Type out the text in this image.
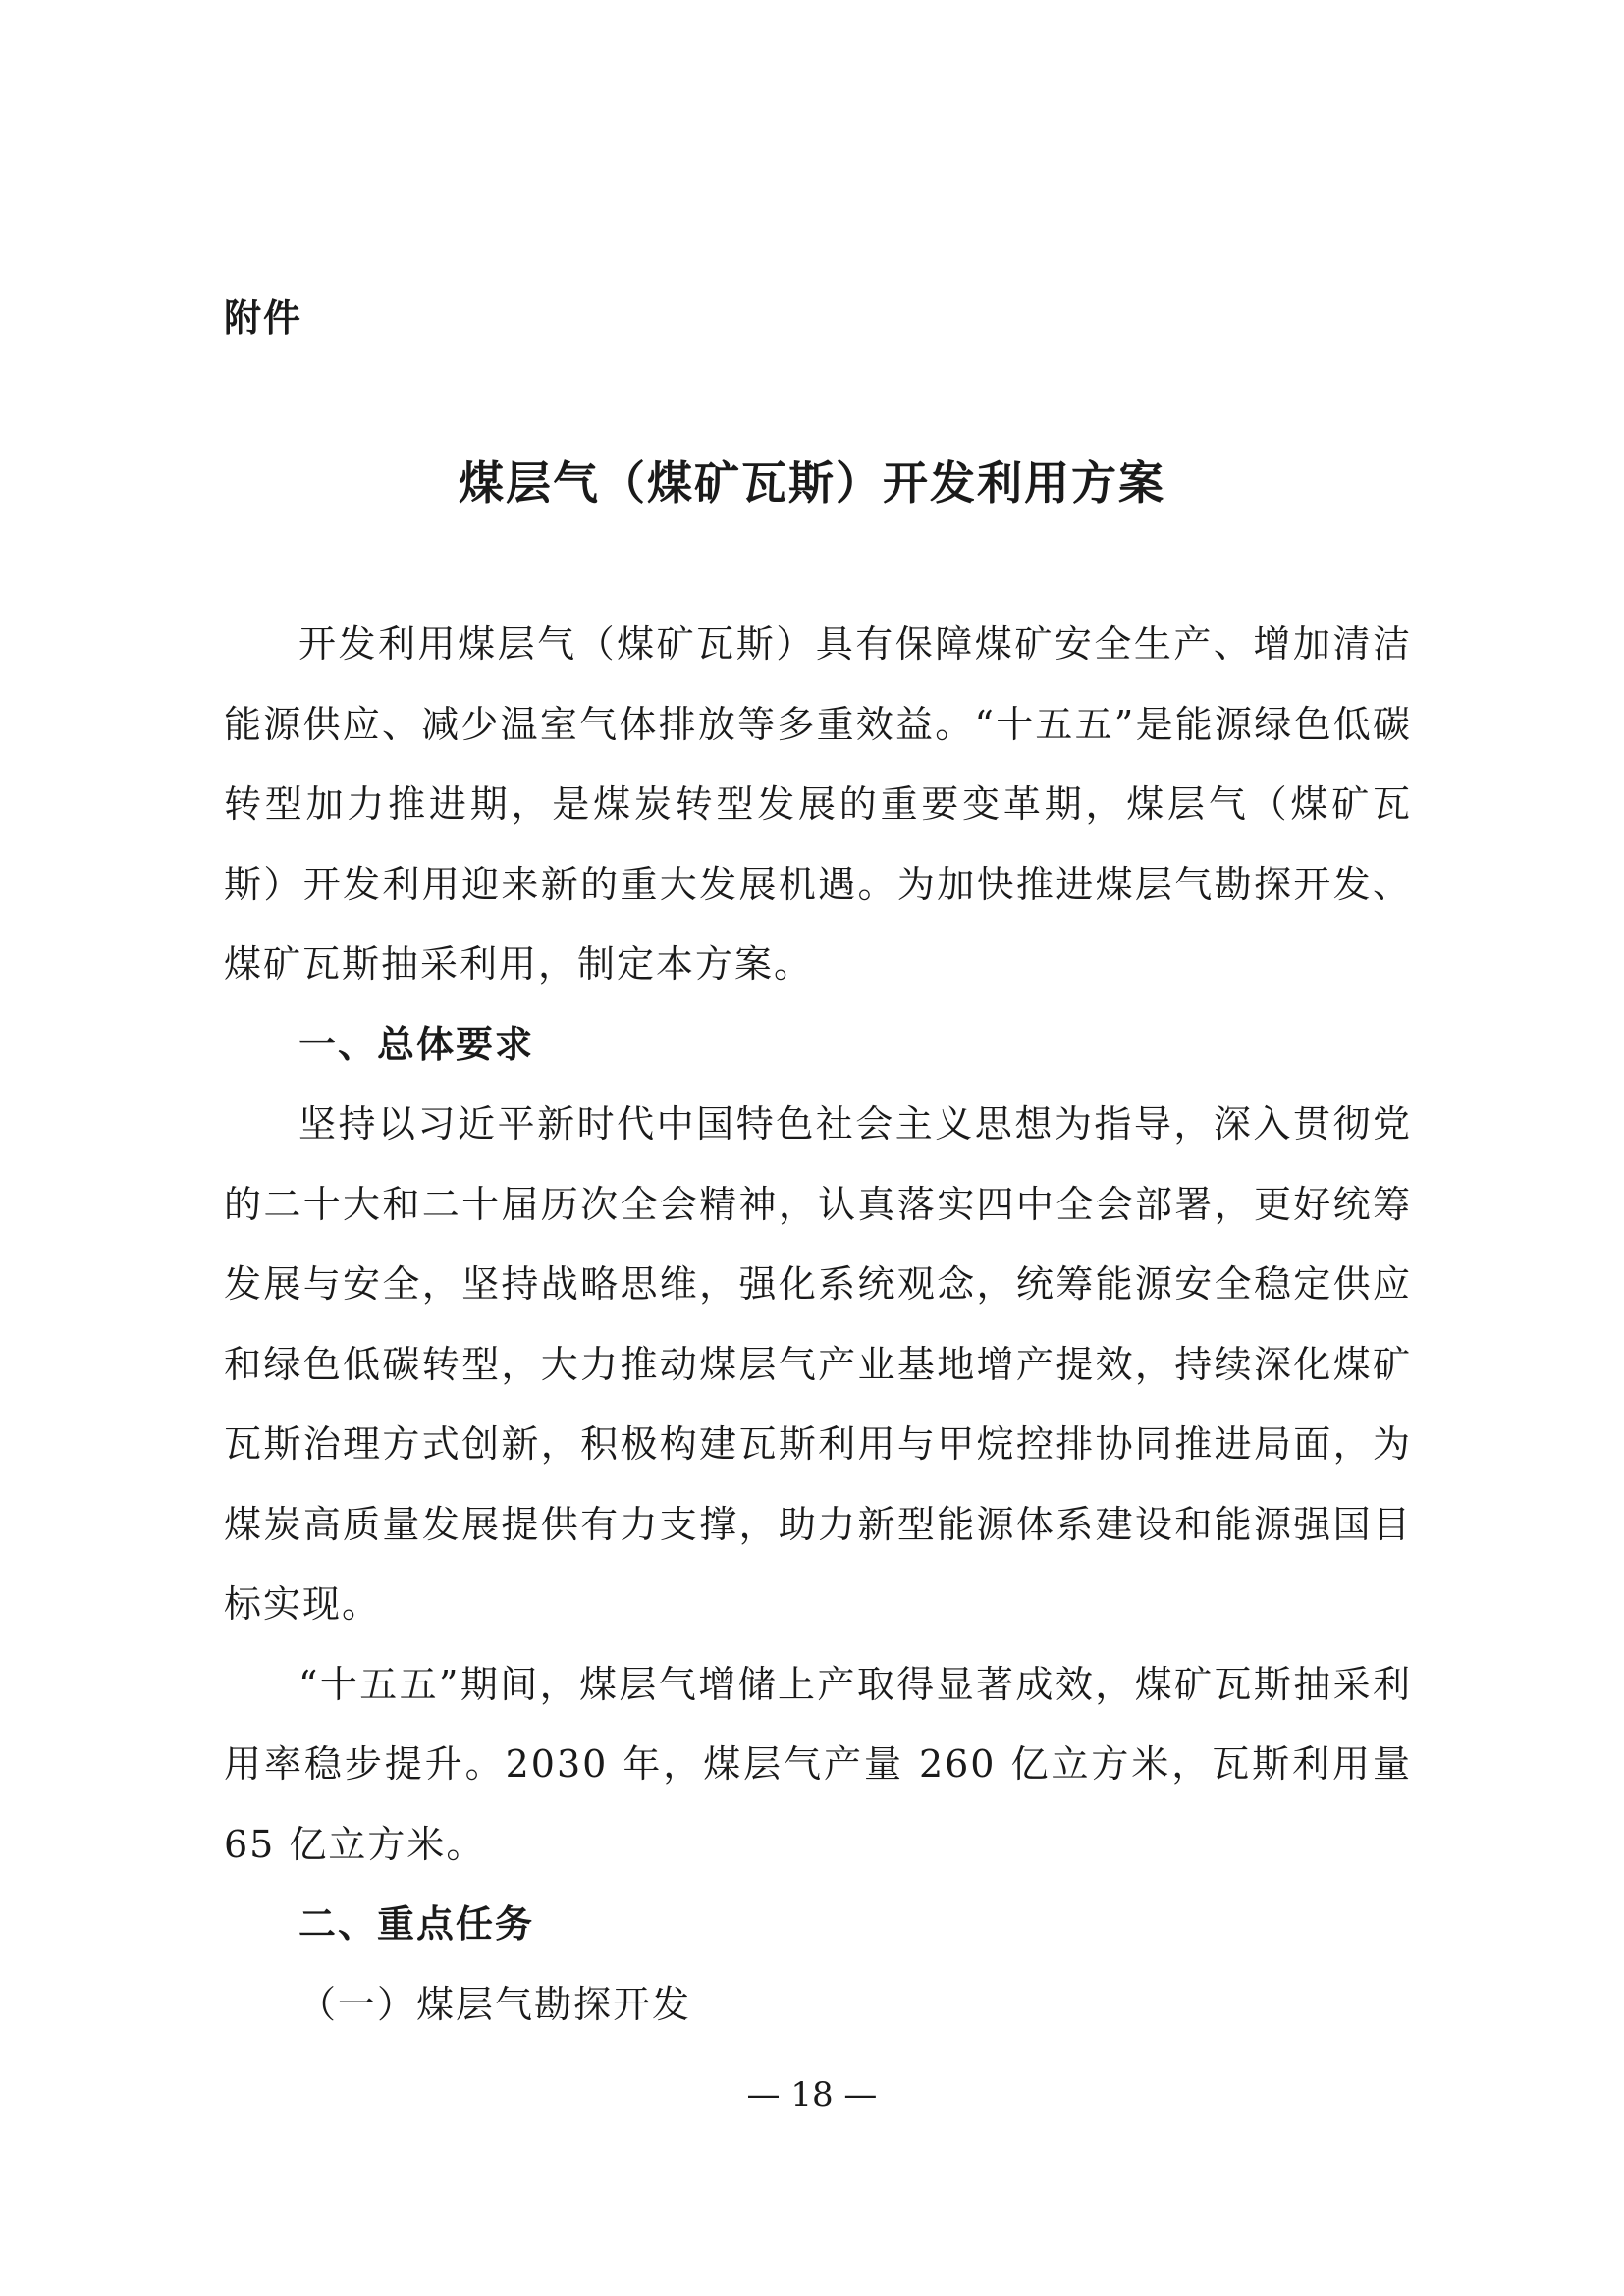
附件
煤层气（煤矿瓦斯）开发利用方案

开发利用煤层气（煤矿瓦斯）具有保障煤矿安全生产、增加清洁能源供应、减少温室气体排放等多重效益。“十五五”是能源绿色低碳转型加力推进期，是煤炭转型发展的重要变革期，煤层气（煤矿瓦斯）开发利用迎来新的重大发展机遇。为加快推进煤层气勘探开发、煤矿瓦斯抽采利用，制定本方案。

一、总体要求

坚持以习近平新时代中国特色社会主义思想为指导，深入贯彻党的二十大和二十届历次全会精神，认真落实四中全会部署，更好统筹发展与安全，坚持战略思维，强化系统观念，统筹能源安全稳定供应和绿色低碳转型，大力推动煤层气产业基地增产提效，持续深化煤矿瓦斯治理方式创新，积极构建瓦斯利用与甲烷控排协同推进局面，为煤炭高质量发展提供有力支撑，助力新型能源体系建设和能源强国目标实现。

“十五五”期间，煤层气增储上产取得显著成效，煤矿瓦斯抽采利用率稳步提升。2030 年，煤层气产量 260 亿立方米，瓦斯利用量 65 亿立方米。

二、重点任务

（一）煤层气勘探开发

— 18 —
